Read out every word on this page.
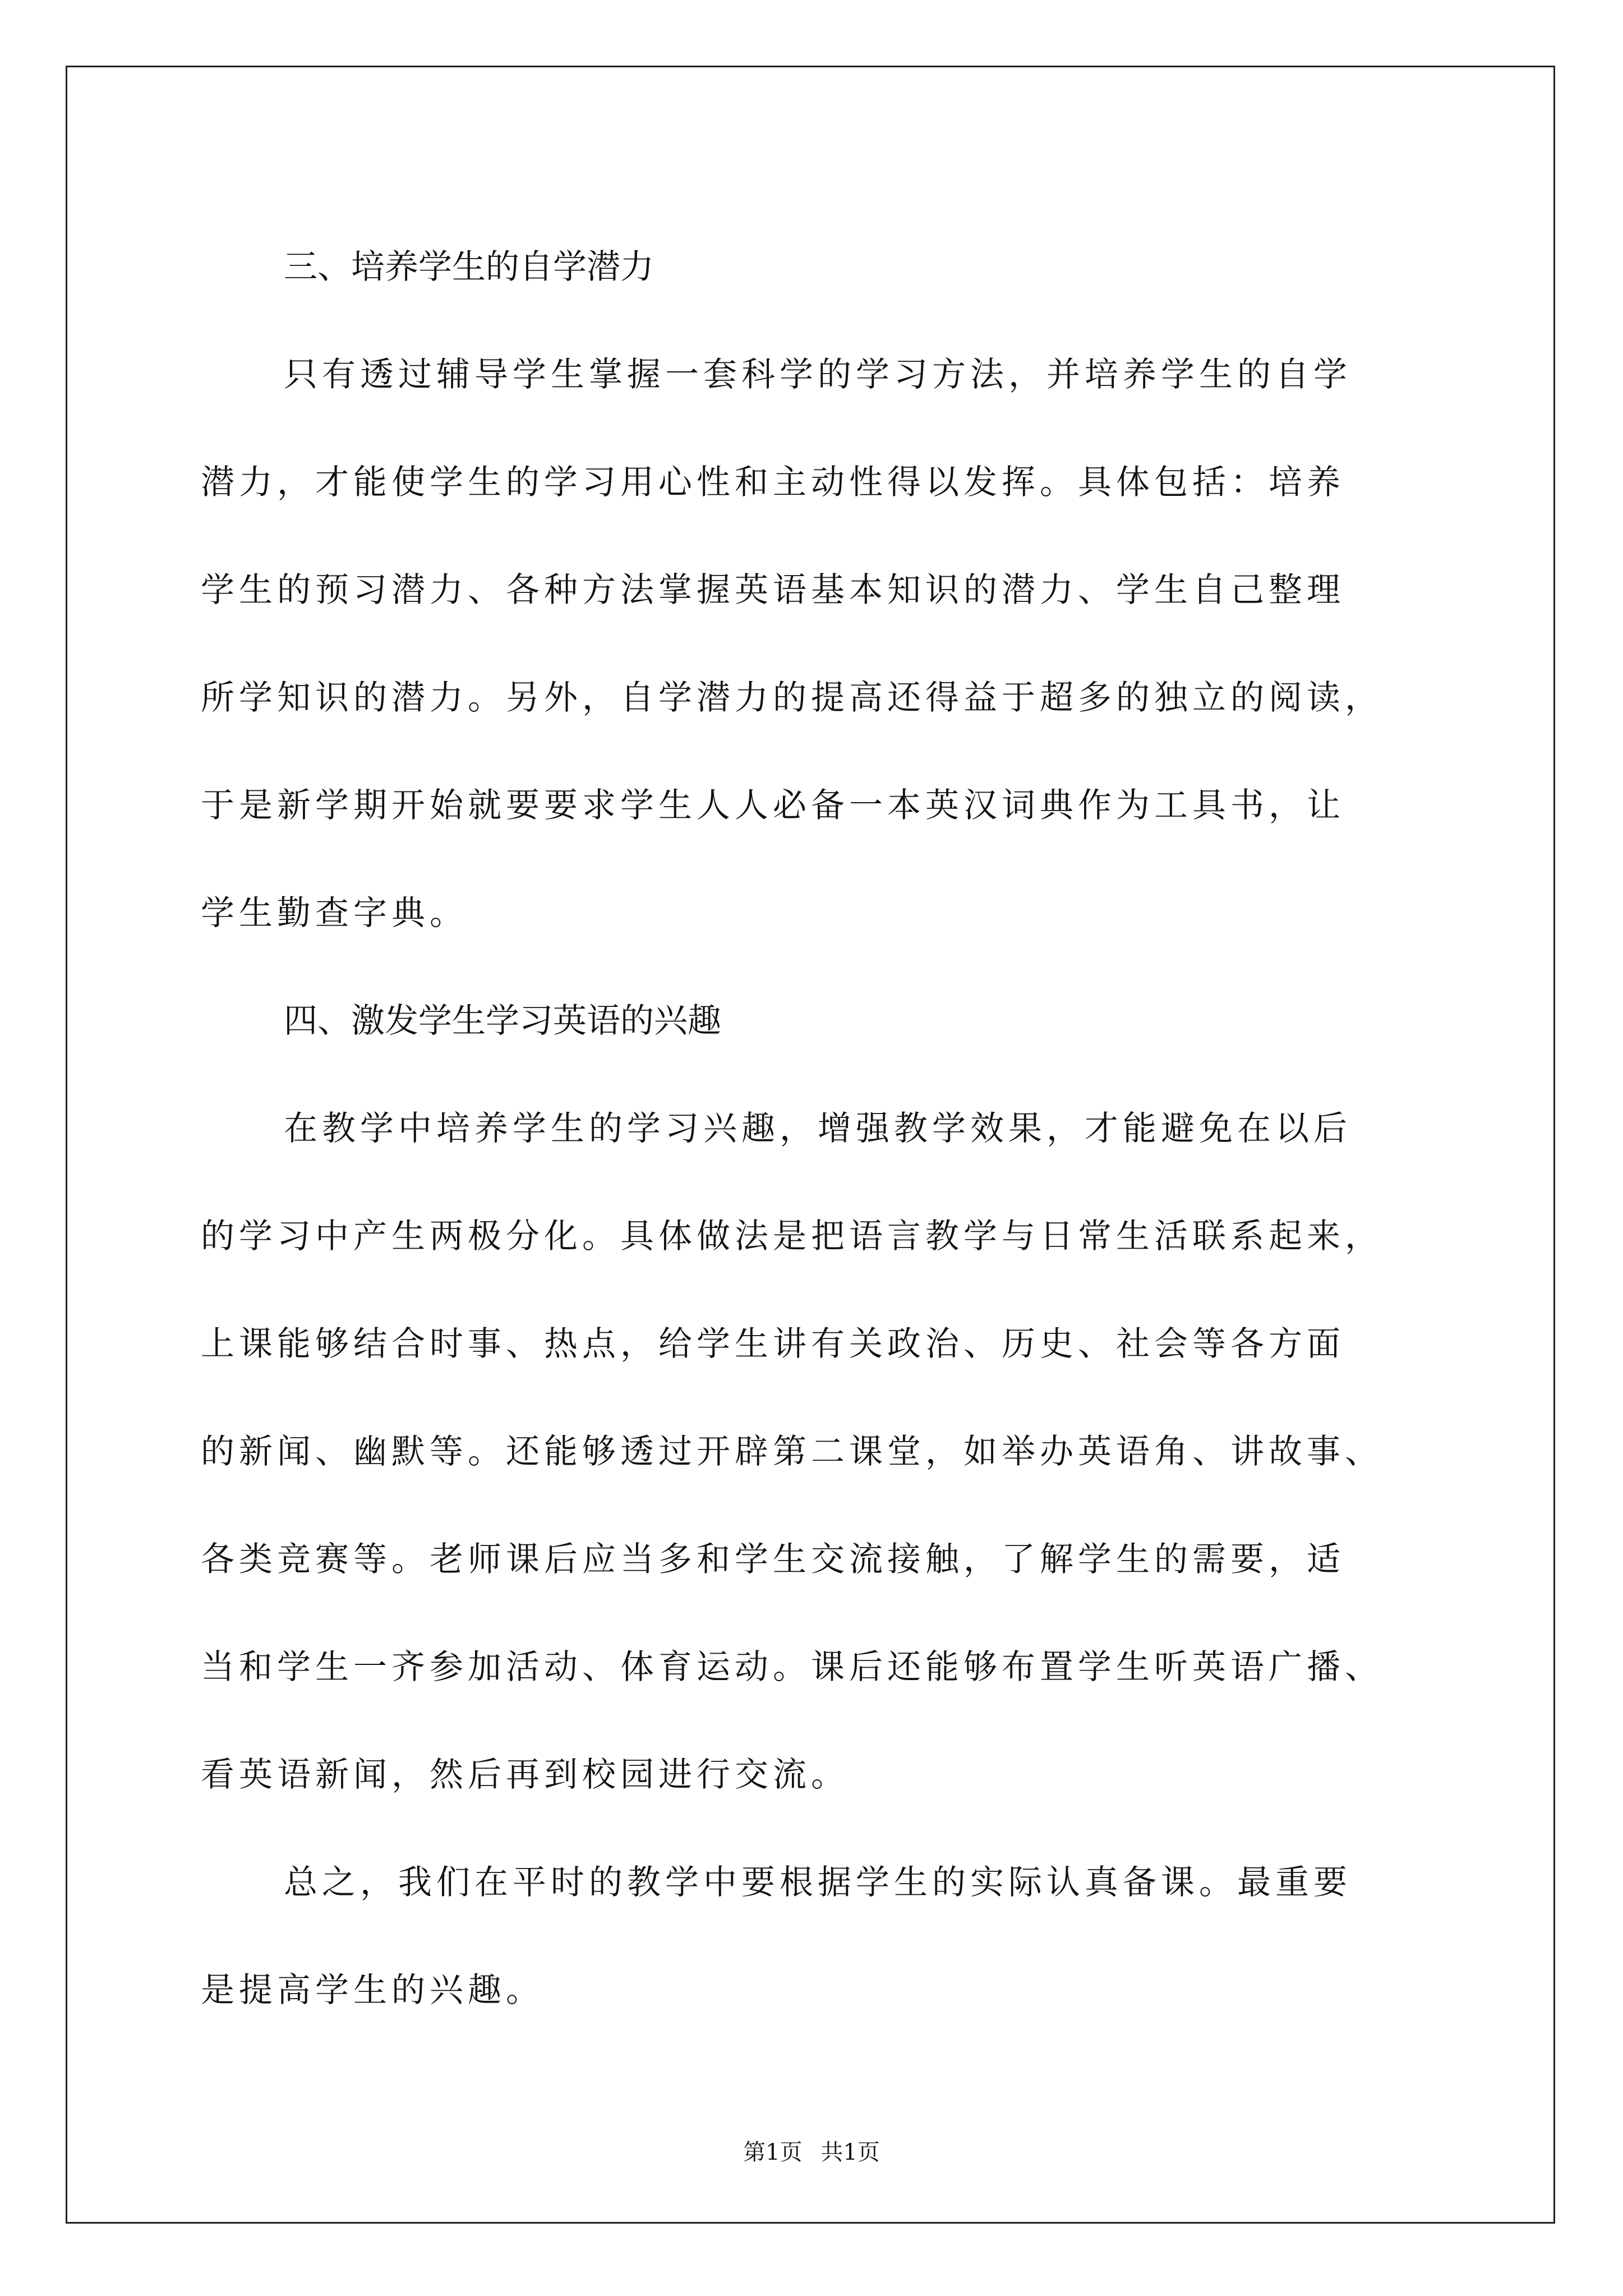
三、培养学生的自学潜力

只有透过辅导学生掌握一套科学的学习方法，并培养学生的自学
潜力，才能使学生的学习用心性和主动性得以发挥。具体包括：培养
学生的预习潜力、各种方法掌握英语基本知识的潜力、学生自己整理
所学知识的潜力。另外，自学潜力的提高还得益于超多的独立的阅读，
于是新学期开始就要要求学生人人必备一本英汉词典作为工具书，让
学生勤查字典。

四、激发学生学习英语的兴趣

在教学中培养学生的学习兴趣，增强教学效果，才能避免在以后
的学习中产生两极分化。具体做法是把语言教学与日常生活联系起来，
上课能够结合时事、热点，给学生讲有关政治、历史、社会等各方面
的新闻、幽默等。还能够透过开辟第二课堂，如举办英语角、讲故事、
各类竞赛等。老师课后应当多和学生交流接触，了解学生的需要，适
当和学生一齐参加活动、体育运动。课后还能够布置学生听英语广播、
看英语新闻，然后再到校园进行交流。
总之，我们在平时的教学中要根据学生的实际认真备课。最重要
是提高学生的兴趣。
第1页 共1页
